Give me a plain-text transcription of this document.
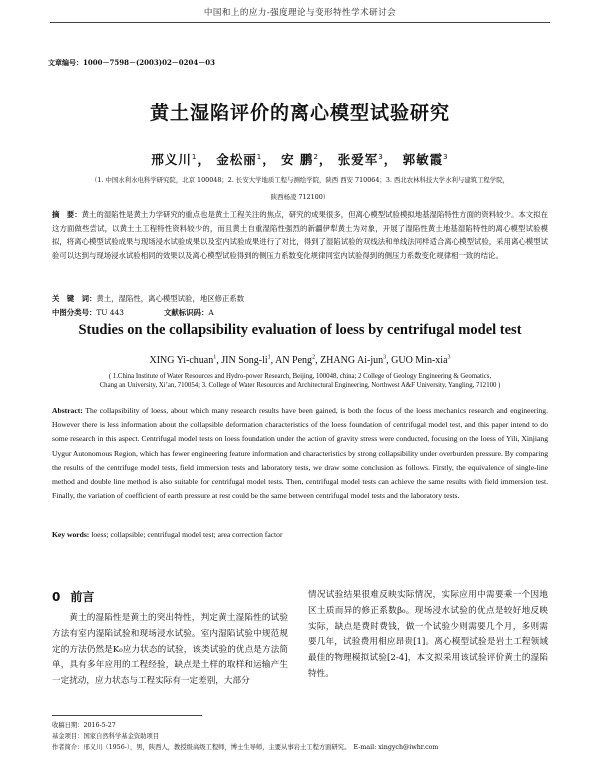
中国和上的应力-强度理论与变形特性学术研讨会
文章编号：1000－7598－(2003)02－0204－03
黄土湿陷评价的离心模型试验研究
邢义川$^1$， 金松丽$^1$， 安 鹏$^2$， 张爱军$^3$， 郭敏霞$^3$
（1. 中国水利水电科学研究院，北京 100048；2. 长安大学地质工程与测绘学院，陕西 西安 710064；3. 西北农林科技大学水利与建筑工程学院，
陕西杨凌 712100）
摘　要：黄土的湿陷性是黄土力学研究的重点也是黄土工程关注的焦点，研究的成果很多，但离心模型试验模拟地基湿陷特性方面的资料较少。本文拟在这方面做些尝试，以黄土土工程特性资料较少的，而且黄土自重湿陷性强烈的新疆伊犁黄土为对象，开展了湿陷性黄土地基湿陷特性的离心模型试验模拟，将离心模型试验成果与现场浸水试验成果以及室内试验成果进行了对比，得到了湿陷试验的双线法和单线法同样适合离心模型试验，采用离心模型试验可以达到与现场浸水试验相同的效果以及离心模型试验得到的侧压力系数变化规律同室内试验得到的侧压力系数变化规律相一致的结论。
关　键　词：黄土，湿陷性，离心模型试验，地区修正系数
中图分类号：TU 443	文献标识码：A
Studies on the collapsibility evaluation of loess by centrifugal model test
XING Yi-chuan$^1$, JIN Song-$li^1$, AN Peng$^2$, ZHANG Ai-jun$^3$, GUO Min-xia$^3$
( 1.China Institute of Water Resources and Hydro-power Research, Beijing, 100048, china; 2 College of Geology Engineering & Geomatics,
Chang an University, Xi’an, 710054; 3. College of Water Resources and Architectural Engineering, Northwest A&F University, Yangling, 712100 )
Abstract: The collapsibility of loess, about which many research results have been gained, is both the focus of the loess mechanics research and engineering. However there is less information about the collapsible deformation characteristics of the loess foundation of centrifugal model test, and this paper intend to do some research in this aspect. Centrifugal model tests on loess foundation under the action of gravity stress were conducted, focusing on the loess of Yili, Xinjiang Uygur Autonomous Region, which has fewer engineering feature information and characteristics by strong collapsibility under overburden pressure. By comparing the results of the centrifuge model tests, field immersion tests and laboratory tests, we draw some conclusion as follows. Firstly, the equivalence of single-line method and double line method is also suitable for centrifugal model tests. Then, centrifugal model tests can achieve the same results with field immersion test. Finally, the variation of coefficient of earth pressure at rest could be the same between centrifugal model tests and the laboratory tests.
Key words: loess; collapsible; centrifugal model test; area correction factor
0 前言

黄土的湿陷性是黄土的突出特性，判定黄土湿陷性的试验方法有室内湿陷试验和现场浸水试验。室内湿陷试验中规范规定的方法仍然是K₀应力状态的试验，该类试验的优点是方法简单，具有多年应用的工程经验，缺点是土样的取样和运输产生一定扰动，应力状态与工程实际有一定差别，大部分

情况试验结果很难反映实际情况，实际应用中需要乘一个因地区土质而异的修正系数β₀。现场浸水试验的优点是较好地反映实际，缺点是费时费钱，做一个试验少则需要几个月，多则需要几年，试验费用相应昂贵[1]。离心模型试验是岩土工程领域最佳的物理模拟试验[2-4]，本文拟采用该试验评价黄土的湿陷特性。

收稿日期：2016-5-27
基金项目：国家自然科学基金资助项目
作者简介：邢义川（1956-），男，陕西人，教授级高级工程师，博士生导师，主要从事岩土工程方面研究。　E-mail: xingych@iwhr.com
